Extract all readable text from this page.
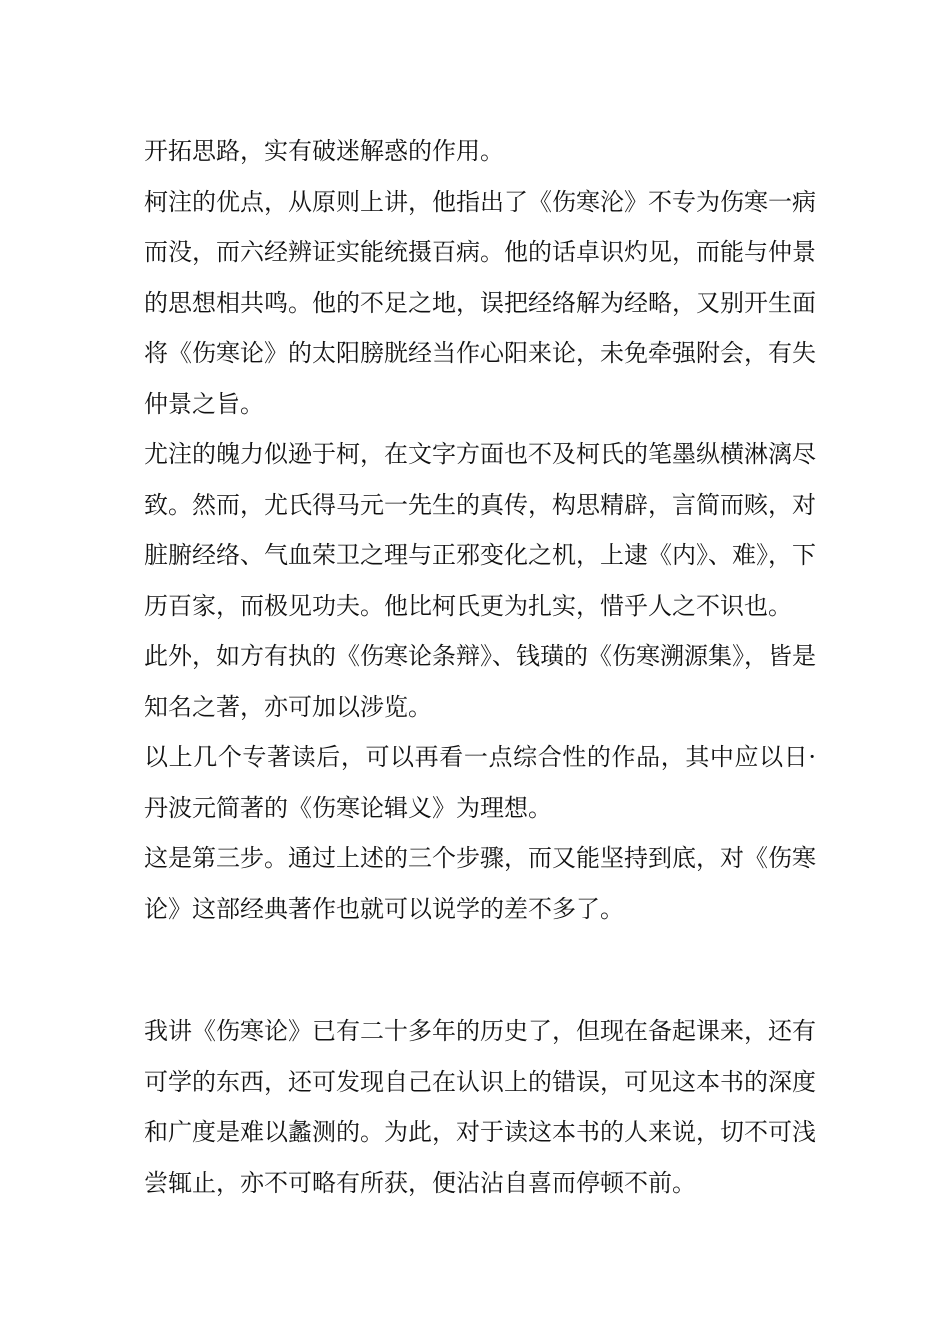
开拓思路，实有破迷解惑的作用。

柯注的优点，从原则上讲，他指出了《伤寒沦》不专为伤寒一病而没，而六经辨证实能统摄百病。他的话卓识灼见，而能与仲景的思想相共鸣。他的不足之地，误把经络解为经略，又别开生面将《伤寒论》的太阳膀胱经当作心阳来论，未免牵强附会，有失仲景之旨。

尤注的魄力似逊于柯，在文字方面也不及柯氏的笔墨纵横淋漓尽致。然而，尤氏得马元一先生的真传，构思精辟，言简而赅，对脏腑经络、气血荣卫之理与正邪变化之机，上逮《内》、难》，下历百家，而极见功夫。他比柯氏更为扎实，惜乎人之不识也。

此外，如方有执的《伤寒论条辩》、钱璜的《伤寒溯源集》，皆是知名之著，亦可加以涉览。

以上几个专著读后，可以再看一点综合性的作品，其中应以日·丹波元简著的《伤寒论辑义》为理想。

这是第三步。通过上述的三个步骤，而又能坚持到底，对《伤寒论》这部经典著作也就可以说学的差不多了。

我讲《伤寒论》已有二十多年的历史了，但现在备起课来，还有可学的东西，还可发现自己在认识上的错误，可见这本书的深度和广度是难以蠡测的。为此，对于读这本书的人来说，切不可浅尝辄止，亦不可略有所获，便沾沾自喜而停顿不前。
